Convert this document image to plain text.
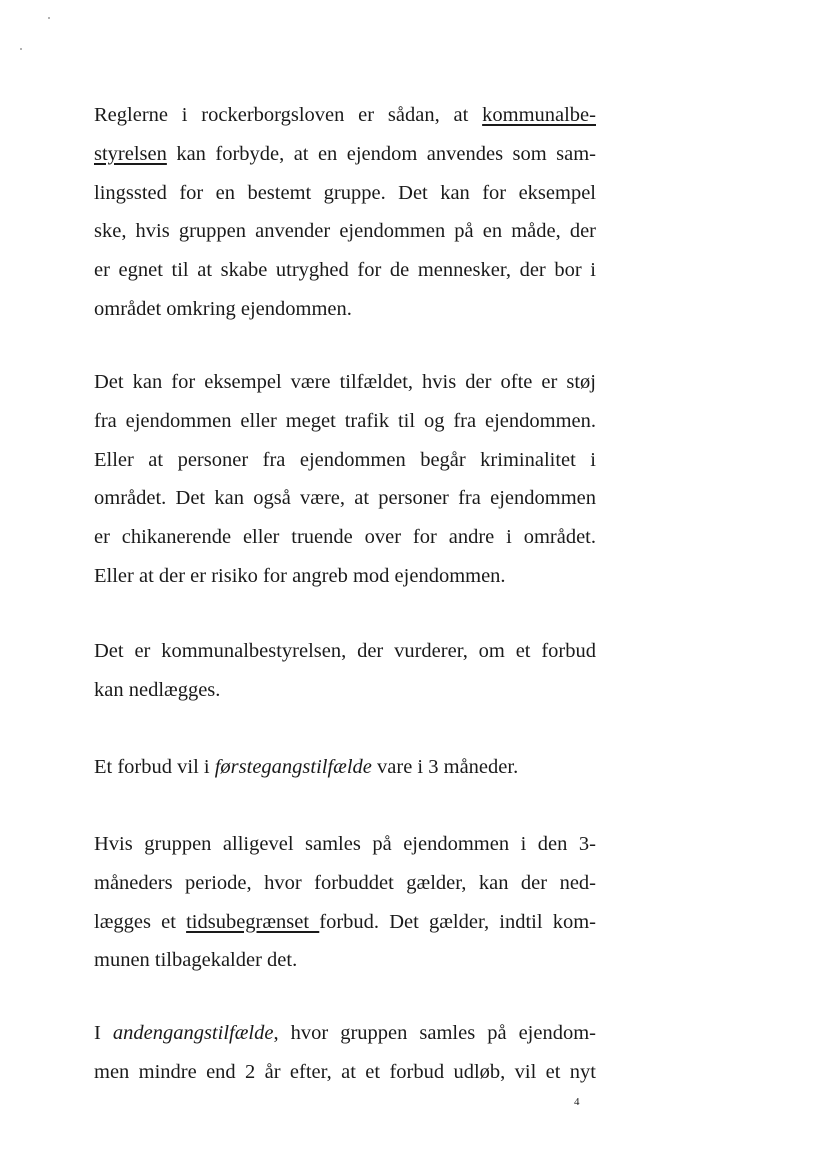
Reglerne i rockerborgsloven er sådan, at kommunalbe-
styrelsen kan forbyde, at en ejendom anvendes som sam-
lingssted for en bestemt gruppe. Det kan for eksempel
ske, hvis gruppen anvender ejendommen på en måde, der
er egnet til at skabe utryghed for de mennesker, der bor i
området omkring ejendommen.
Det kan for eksempel være tilfældet, hvis der ofte er støj
fra ejendommen eller meget trafik til og fra ejendommen.
Eller at personer fra ejendommen begår kriminalitet i
området. Det kan også være, at personer fra ejendommen
er chikanerende eller truende over for andre i området.
Eller at der er risiko for angreb mod ejendommen.
Det er kommunalbestyrelsen, der vurderer, om et forbud
kan nedlægges.
Et forbud vil i førstegangstilfælde vare i 3 måneder.
Hvis gruppen alligevel samles på ejendommen i den 3-
måneders periode, hvor forbuddet gælder, kan der ned-
lægges et tidsubegrænset forbud. Det gælder, indtil kom-
munen tilbagekalder det.
I andengangstilfælde, hvor gruppen samles på ejendom-
men mindre end 2 år efter, at et forbud udløb, vil et nyt
4
